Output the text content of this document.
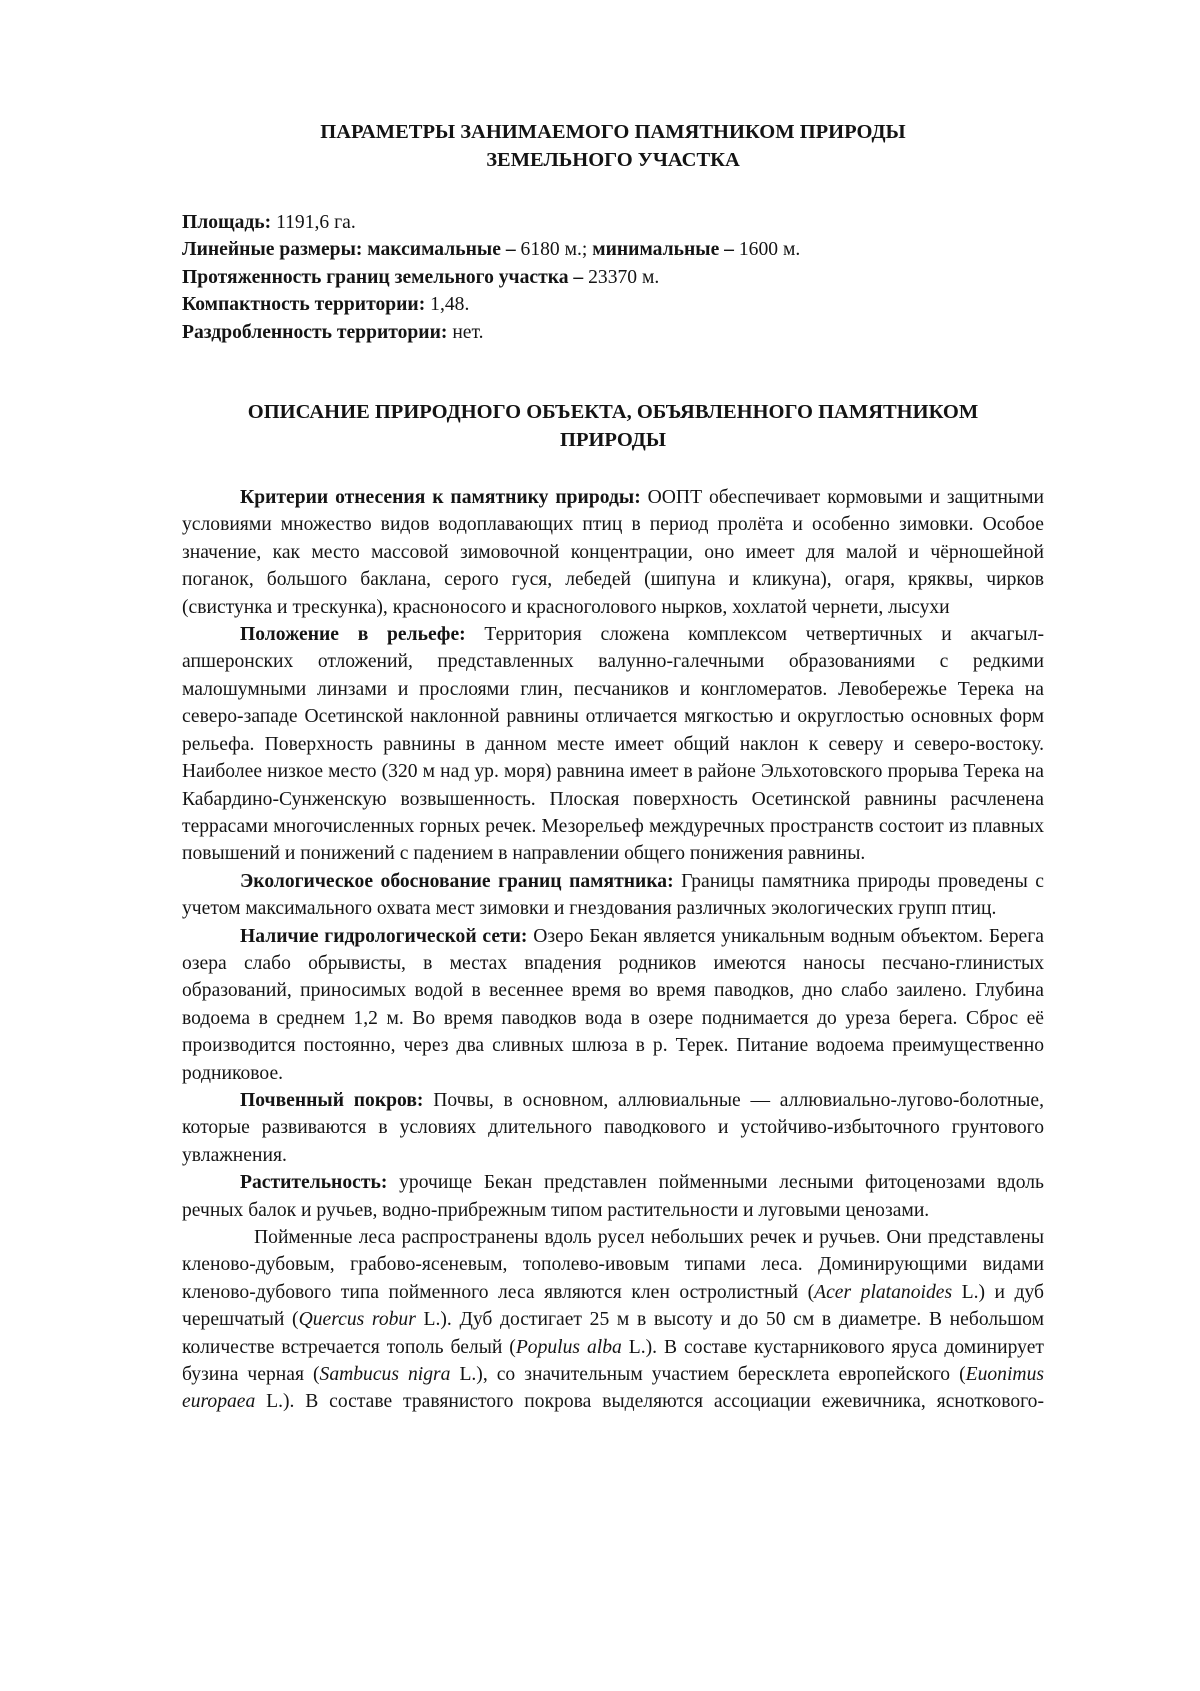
ПАРАМЕТРЫ ЗАНИМАЕМОГО ПАМЯТНИКОМ ПРИРОДЫ
ЗЕМЕЛЬНОГО УЧАСТКА

Площадь: 1191,6 га.

Линейные размеры: максимальные – 6180 м.; минимальные – 1600 м.

Протяженность границ земельного участка – 23370 м.

Компактность территории: 1,48.

Раздробленность территории: нет.

ОПИСАНИЕ ПРИРОДНОГО ОБЪЕКТА, ОБЪЯВЛЕННОГО ПАМЯТНИКОМ
ПРИРОДЫ

Критерии отнесения к памятнику природы: ООПТ обеспечивает кормовыми и защитными условиями множество видов водоплавающих птиц в период пролёта и особенно зимовки. Особое значение, как место массовой зимовочной концентрации, оно имеет для малой и чёрношейной поганок, большого баклана, серого гуся, лебедей (шипуна и кликуна), огаря, кряквы, чирков (свистунка и трескунка), красноносого и красноголового нырков, хохлатой чернети, лысухи

Положение в рельефе: Территория сложена комплексом четвертичных и акчагыл-апшеронских отложений, представленных валунно-галечными образованиями с редкими малошумными линзами и прослоями глин, песчаников и конгломератов. Левобережье Терека на северо-западе Осетинской наклонной равнины отличается мягкостью и округлостью основных форм рельефа. Поверхность равнины в данном месте имеет общий наклон к северу и северо-востоку. Наиболее низкое место (320 м над ур. моря) равнина имеет в районе Эльхотовского прорыва Терека на Кабардино-Сунженскую возвышенность. Плоская поверхность Осетинской равнины расчленена террасами многочисленных горных речек. Мезорельеф междуречных пространств состоит из плавных повышений и понижений с падением в направлении общего понижения равнины.

Экологическое обоснование границ памятника: Границы памятника природы проведены с учетом максимального охвата мест зимовки и гнездования различных экологических групп птиц.

Наличие гидрологической сети: Озеро Бекан является уникальным водным объектом. Берега озера слабо обрывисты, в местах впадения родников имеются наносы песчано-глинистых образований, приносимых водой в весеннее время во время паводков, дно слабо заилено. Глубина водоема в среднем 1,2 м. Во время паводков вода в озере поднимается до уреза берега. Сброс её производится постоянно, через два сливных шлюза в р. Терек. Питание водоема преимущественно родниковое.

Почвенный покров: Почвы, в основном, аллювиальные — аллювиально-лугово-болотные, которые развиваются в условиях длительного паводкового и устойчиво-избыточного грунтового увлажнения.

Растительность: урочище Бекан представлен пойменными лесными фитоценозами вдоль речных балок и ручьев, водно-прибрежным типом растительности и луговыми ценозами.

Пойменные леса распространены вдоль русел небольших речек и ручьев. Они представлены кленово-дубовым, грабово-ясеневым, тополево-ивовым типами леса. Доминирующими видами кленово-дубового типа пойменного леса являются клен остролистный (Acer platanoides L.) и дуб черешчатый (Quercus robur L.). Дуб достигает 25 м в высоту и до 50 см в диаметре. В небольшом количестве встречается тополь белый (Populus alba L.). В составе кустарникового яруса доминирует бузина черная (Sambucus nigra L.), со значительным участием бересклета европейского (Euonimus europaea L.). В составе травянистого покрова выделяются ассоциации ежевичника, ясноткового-
